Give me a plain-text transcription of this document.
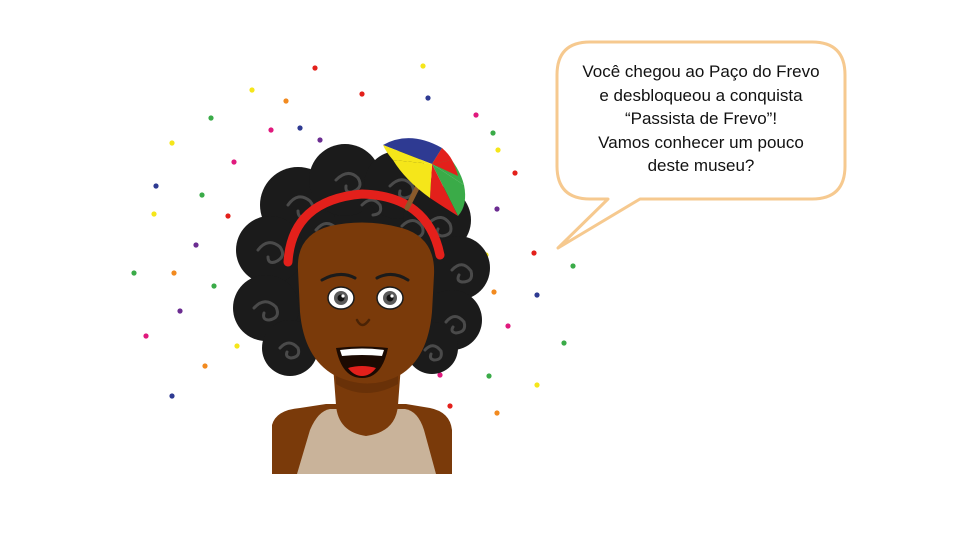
Você chegou ao Paço do Frevo
e desbloqueou a conquista
“Passista de Frevo”!
Vamos conhecer um pouco
deste museu?
